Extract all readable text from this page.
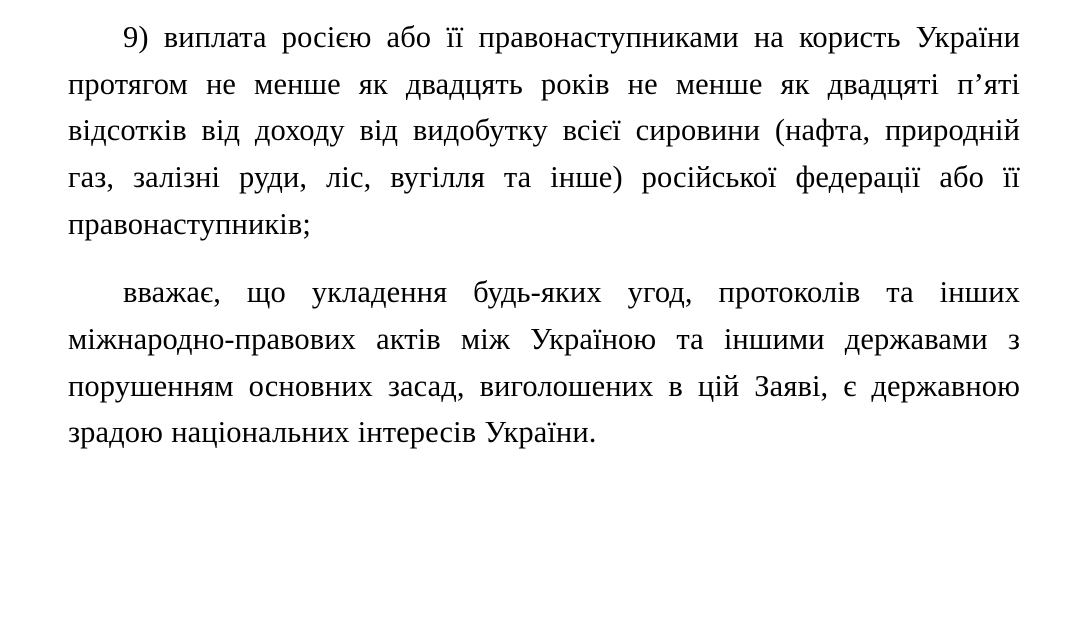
9) виплата росією або її правонаступниками на користь України протягом не менше як двадцять років не менше як двадцяті п’яті відсотків від доходу від видобутку всієї сировини (нафта, природній газ, залізні руди, ліс, вугілля та інше) російської федерації або її правонаступників;

вважає, що укладення будь-яких угод, протоколів та інших міжнародно-правових актів між Україною та іншими державами з порушенням основних засад, виголошених в цій Заяві, є державною зрадою національних інтересів України.
